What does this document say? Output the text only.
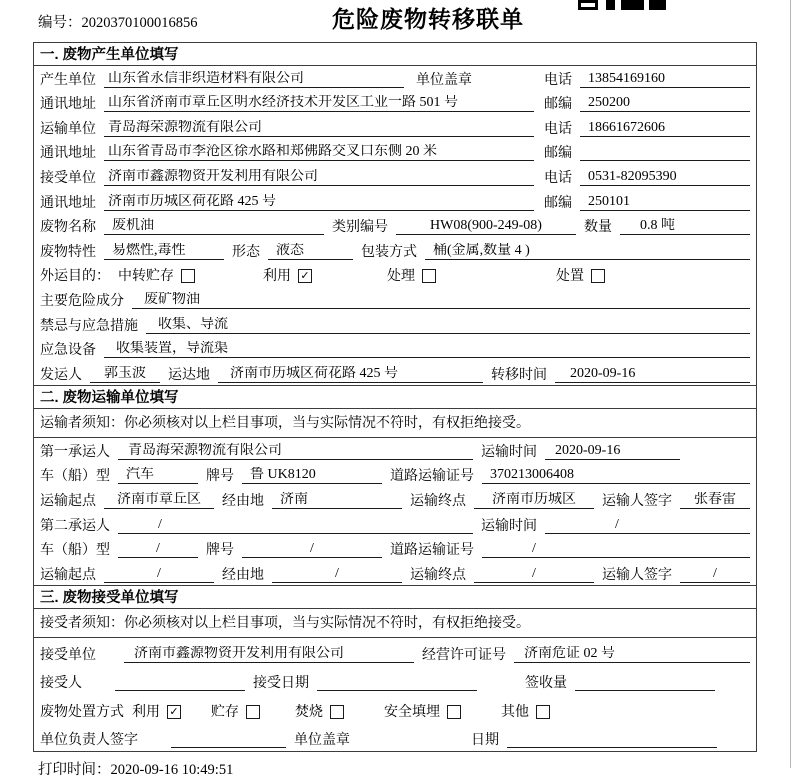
编号：2020370100016856	危险废物转移联单
一. 废物产生单位填写
产生单位 山东省永信非织造材料有限公司	单位盖章	电话	13854169160
通讯地址 山东省济南市章丘区明水经济技术开发区工业一路 501 号	邮编	250200
运输单位 青岛海荣源物流有限公司	电话	18661672606
通讯地址 山东省青岛市李沧区徐水路和郑佛路交叉口东侧 20 米	邮编
接受单位 济南市鑫源物资开发利用有限公司	电话	0531-82095390
通讯地址 济南市历城区荷花路 425 号	邮编	250101
废物名称	废机油	类别编号	HW08(900-249-08)	数量	0.8 吨
废物特性	易燃性,毒性	形态	液态	包装方式	桶(金属,数量 4 )
外运目的： 中转贮存	利用 ✓	处理	处置
主要危险成分	废矿物油
禁忌与应急措施	收集、导流
应急设备	收集装置，导流渠
发运人	郭玉波	运达地	济南市历城区荷花路 425 号	转移时间	2020-09-16
二. 废物运输单位填写
运输者须知：你必须核对以上栏目事项，当与实际情况不符时，有权拒绝接受。
第一承运人	青岛海荣源物流有限公司	运输时间	2020-09-16
车（船）型	汽车	牌号	鲁 UK8120	道路运输证号	370213006408
运输起点	济南市章丘区	经由地	济南	运输终点	济南市历城区	运输人签字	张春雷
第二承运人	/	运输时间	/
车（船）型	/	牌号	/	道路运输证号	/
运输起点	/	经由地	/	运输终点	/	运输人签字	/
三. 废物接受单位填写
接受者须知：你必须核对以上栏目事项，当与实际情况不符时，有权拒绝接受。
接受单位	济南市鑫源物资开发利用有限公司	经营许可证号	济南危证 02 号
接受人	接受日期	签收量
废物处置方式 利用 ✓ 贮存	焚烧	安全填埋	其他
单位负责人签字	单位盖章	日期
打印时间：2020-09-16 10:49:51
